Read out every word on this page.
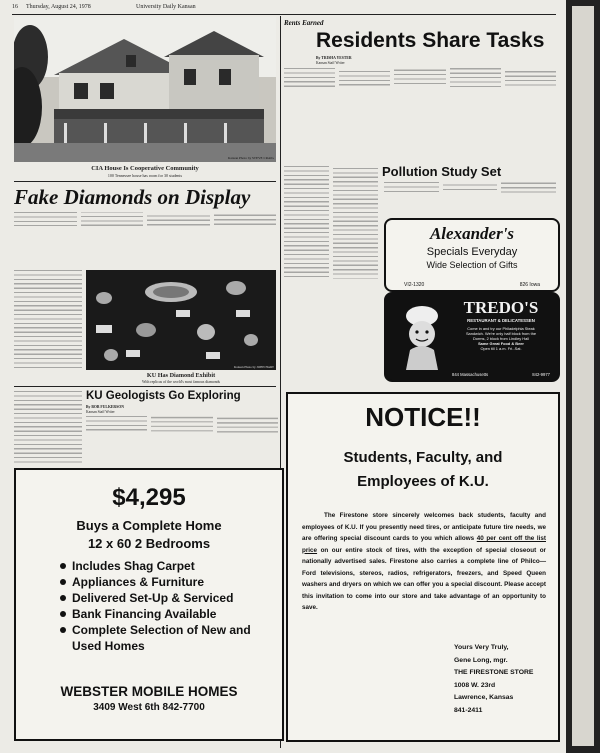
16 Thursday, August 24, 1978	University Daily Kansan
Kansan Photo by STEVE CRAIG
CIA House Is Cooperative Community
100 Tennessee house has room for 30 students
Fake Diamonds on Display
Kansan Photo by JOHN HART
KU Has Diamond Exhibit
With replicas of the world's most famous diamonds
KU Geologists Go Exploring
By BOB FULKERSON
Kansan Staff Writer
$4,295
Buys a Complete Home
12 x 60 2 Bedrooms
Includes Shag Carpet
Appliances & Furniture
Delivered Set-Up & Serviced
Bank Financing Available
Complete Selection of New and Used Homes
WEBSTER MOBILE HOMES
3409 West 6th 842-7700
Rents Earned
Residents Share Tasks
By TRISHA YESTER
Kansan Staff Writer
Pollution Study Set
Alexander's
Specials Everyday
Wide Selection of Gifts
VI2-1320	826 Iowa
TREDO'S
RESTAURANT & DELICATESSEN
Come in and try our Philadelphia Steak
Sandwich. We're only half block from the
Dorms, 2 block from Lindley Hall
Same Great Food & Beer
Open till 1 a.m. Fri.-Sat.
844 Massachusetts	842-9977
NOTICE!!
Students, Faculty, and Employees of K.U.
The Firestone store sincerely welcomes back students, faculty and employees of K.U. If you presently need tires, or anticipate future tire needs, we are offering special discount cards to you which allows 40 per cent off the list price on our entire stock of tires, with the exception of special closeout or nationally advertised sales. Firestone also carries a complete line of Philco—Ford televisions, stereos, radios, refrigerators, freezers, and Speed Queen washers and dryers on which we can offer you a special discount. Please accept this invitation to come into our store and take advantage of an opportunity to save.
Yours Very Truly,
Gene Long, mgr.
THE FIRESTONE STORE
1008 W. 23rd
Lawrence, Kansas
841-2411
